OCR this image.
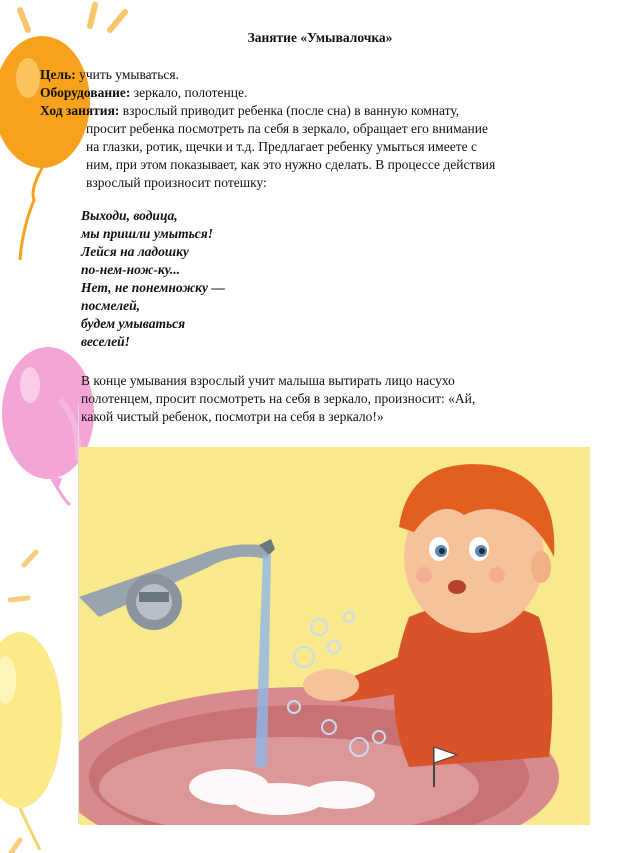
Занятие «Умывалочка»
Цель: учить умываться.
Оборудование: зеркало, полотенце.
Ход занятия: взрослый приводит ребенка (после сна) в ванную комнату,
просит ребенка посмотреть па себя в зеркало, обращает его внимание
на глазки, ротик, щечки и т.д. Предлагает ребенку умыться имеете с
ним, при этом показывает, как это нужно сделать. В процессе действия
взрослый произносит потешку:
Выходи, водица,
мы пришли умыться!
Лейся на ладошку
по-нем-нож-ку...
Нет, не понемножку —
посмелей,
будем умываться
веселей!
В конце умывания взрослый учит малыша вытирать лицо насухо
полотенцем, просит посмотреть на себя в зеркало, произносит: «Ай,
какой чистый ребенок, посмотри на себя в зеркало!»
